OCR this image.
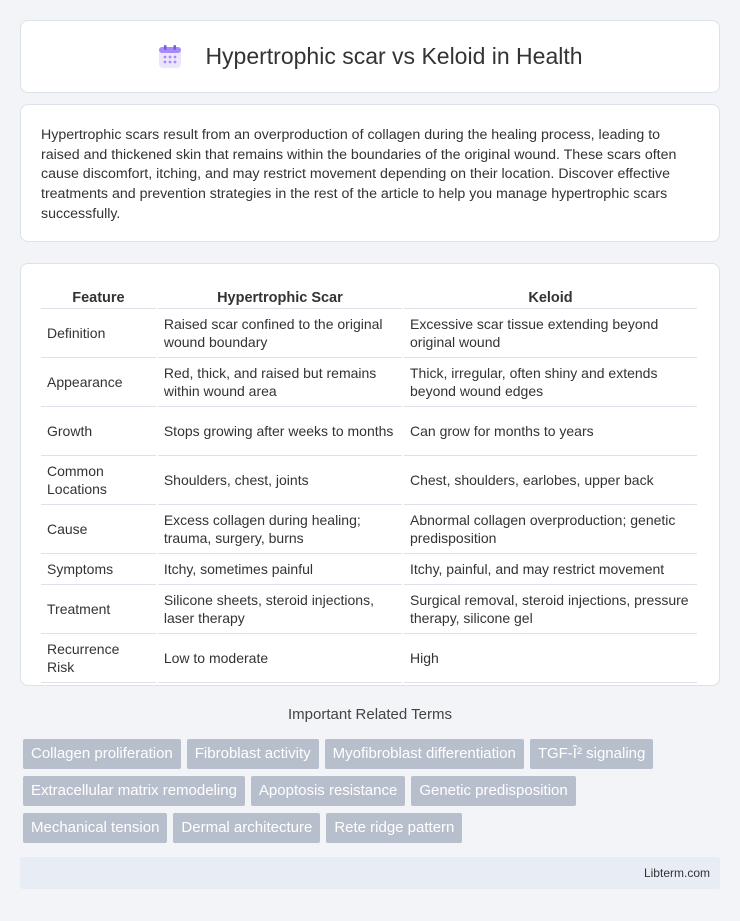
Hypertrophic scar vs Keloid in Health

Hypertrophic scars result from an overproduction of collagen during the healing process, leading to raised and thickened skin that remains within the boundaries of the original wound. These scars often cause discomfort, itching, and may restrict movement depending on their location. Discover effective treatments and prevention strategies in the rest of the article to help you manage hypertrophic scars successfully.

Feature	Hypertrophic Scar	Keloid
Definition	Raised scar confined to the original wound boundary	Excessive scar tissue extending beyond original wound
Appearance	Red, thick, and raised but remains within wound area	Thick, irregular, often shiny and extends beyond wound edges
Growth	Stops growing after weeks to months	Can grow for months to years
Common Locations	Shoulders, chest, joints	Chest, shoulders, earlobes, upper back
Cause	Excess collagen during healing; trauma, surgery, burns	Abnormal collagen overproduction; genetic predisposition
Symptoms	Itchy, sometimes painful	Itchy, painful, and may restrict movement
Treatment	Silicone sheets, steroid injections, laser therapy	Surgical removal, steroid injections, pressure therapy, silicone gel
Recurrence Risk	Low to moderate	High
Important Related Terms
Collagen proliferation	Fibroblast activity	Myofibroblast differentiation	TGF-Î² signaling
Extracellular matrix remodeling	Apoptosis resistance	Genetic predisposition
Mechanical tension	Dermal architecture	Rete ridge pattern
Libterm.com
